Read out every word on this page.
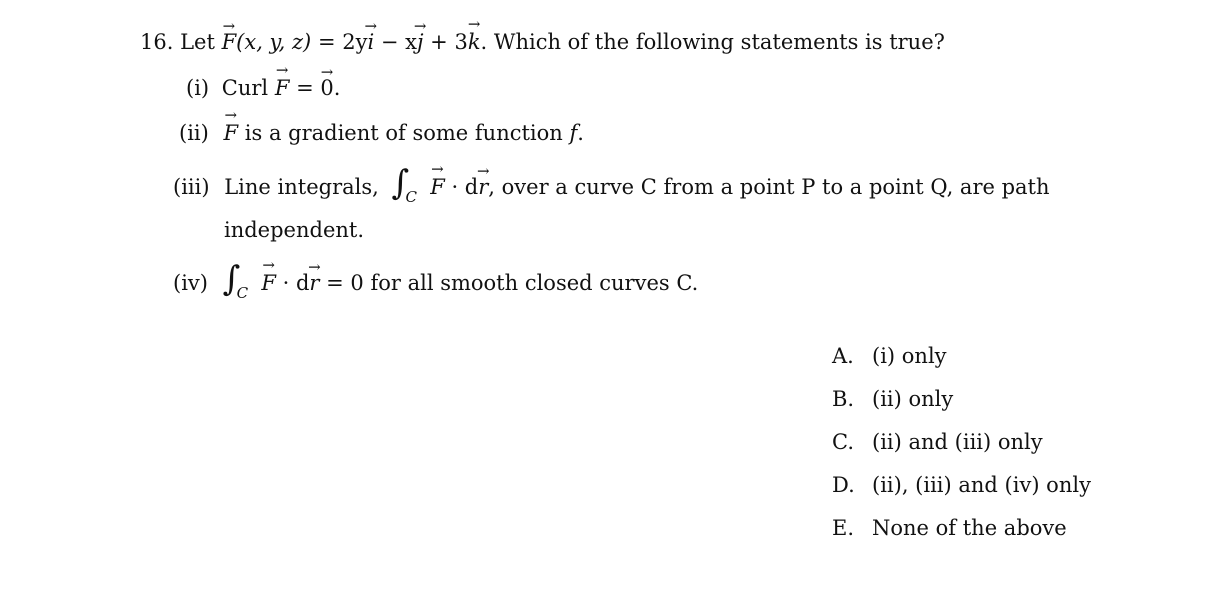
16. Let F →(x, y, z) = 2yi → − xj → + 3k →. Which of the following statements is true?
(i) Curl F → = 0 →.
(ii) F → is a gradient of some function f.
(iii) Line integrals, ∫
C F → · dr →, over a curve C from a point P to a point Q, are path
independent.
(iv) ∫
C F → · dr → = 0 for all smooth closed curves C.
A. (i) only
B. (ii) only
C. (ii) and (iii) only
D. (ii), (iii) and (iv) only
E. None of the above
